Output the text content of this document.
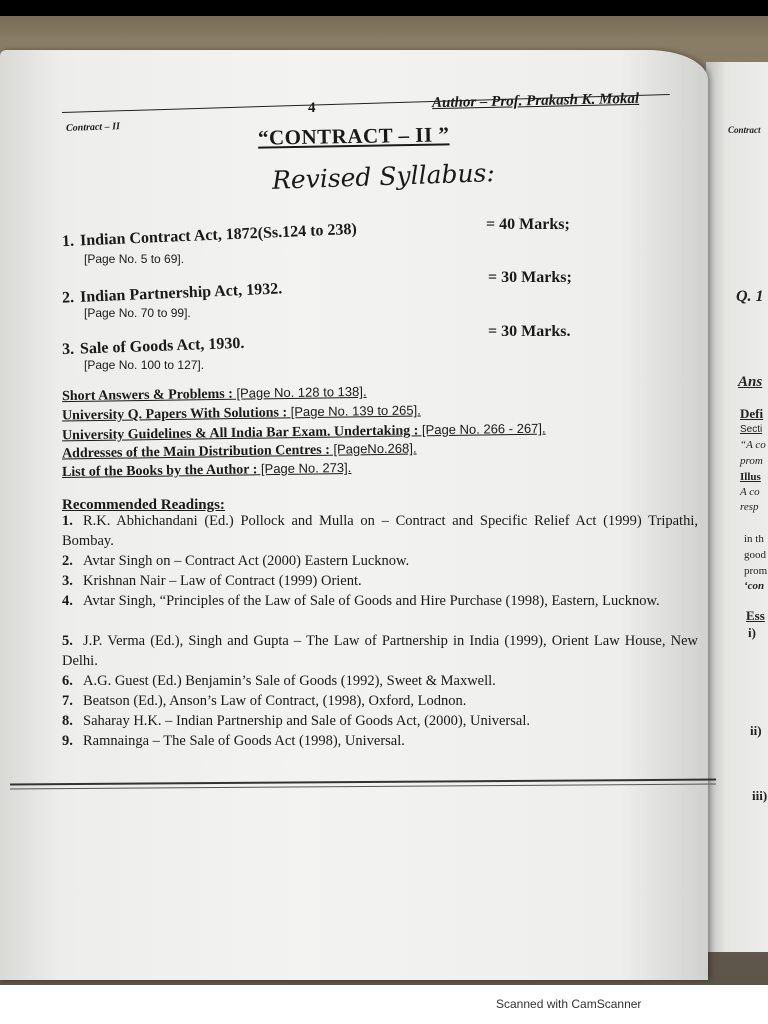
4	Author – Prof. Prakash K. Mokal
Contract – II	“CONTRACT – II ”
Revised Syllabus:
1. Indian Contract Act, 1872(Ss.124 to 238)
[Page No. 5 to 69].
= 40 Marks;
2. Indian Partnership Act, 1932.
[Page No. 70 to 99].
= 30 Marks;
3. Sale of Goods Act, 1930.
[Page No. 100 to 127].
= 30 Marks.
Short Answers & Problems : [Page No. 128 to 138].
University Q. Papers With Solutions : [Page No. 139 to 265].
University Guidelines & All India Bar Exam. Undertaking : [Page No. 266 - 267].
Addresses of the Main Distribution Centres : [PageNo.268].
List of the Books by the Author : [Page No. 273].
Recommended Readings:
1. R.K. Abhichandani (Ed.) Pollock and Mulla on – Contract and Specific Relief Act (1999) Tripathi, Bombay.
2. Avtar Singh on – Contract Act (2000) Eastern Lucknow.
3. Krishnan Nair – Law of Contract (1999) Orient.
4. Avtar Singh, “Principles of the Law of Sale of Goods and Hire Purchase (1998), Eastern, Lucknow.
5. J.P. Verma (Ed.), Singh and Gupta – The Law of Partnership in India (1999), Orient Law House, New Delhi.
6. A.G. Guest (Ed.) Benjamin’s Sale of Goods (1992), Sweet & Maxwell.
7. Beatson (Ed.), Anson’s Law of Contract, (1998), Oxford, Lodnon.
8. Saharay H.K. – Indian Partnership and Sale of Goods Act, (2000), Universal.
9. Ramnainga – The Sale of Goods Act (1998), Universal.
Contract
Q. 1
Ans
Defi
Secti
“A co
prom
Illus
A co
resp
in th
good
prom
‘con
Ess
i)
ii)
iii)
Scanned with CamScanner
